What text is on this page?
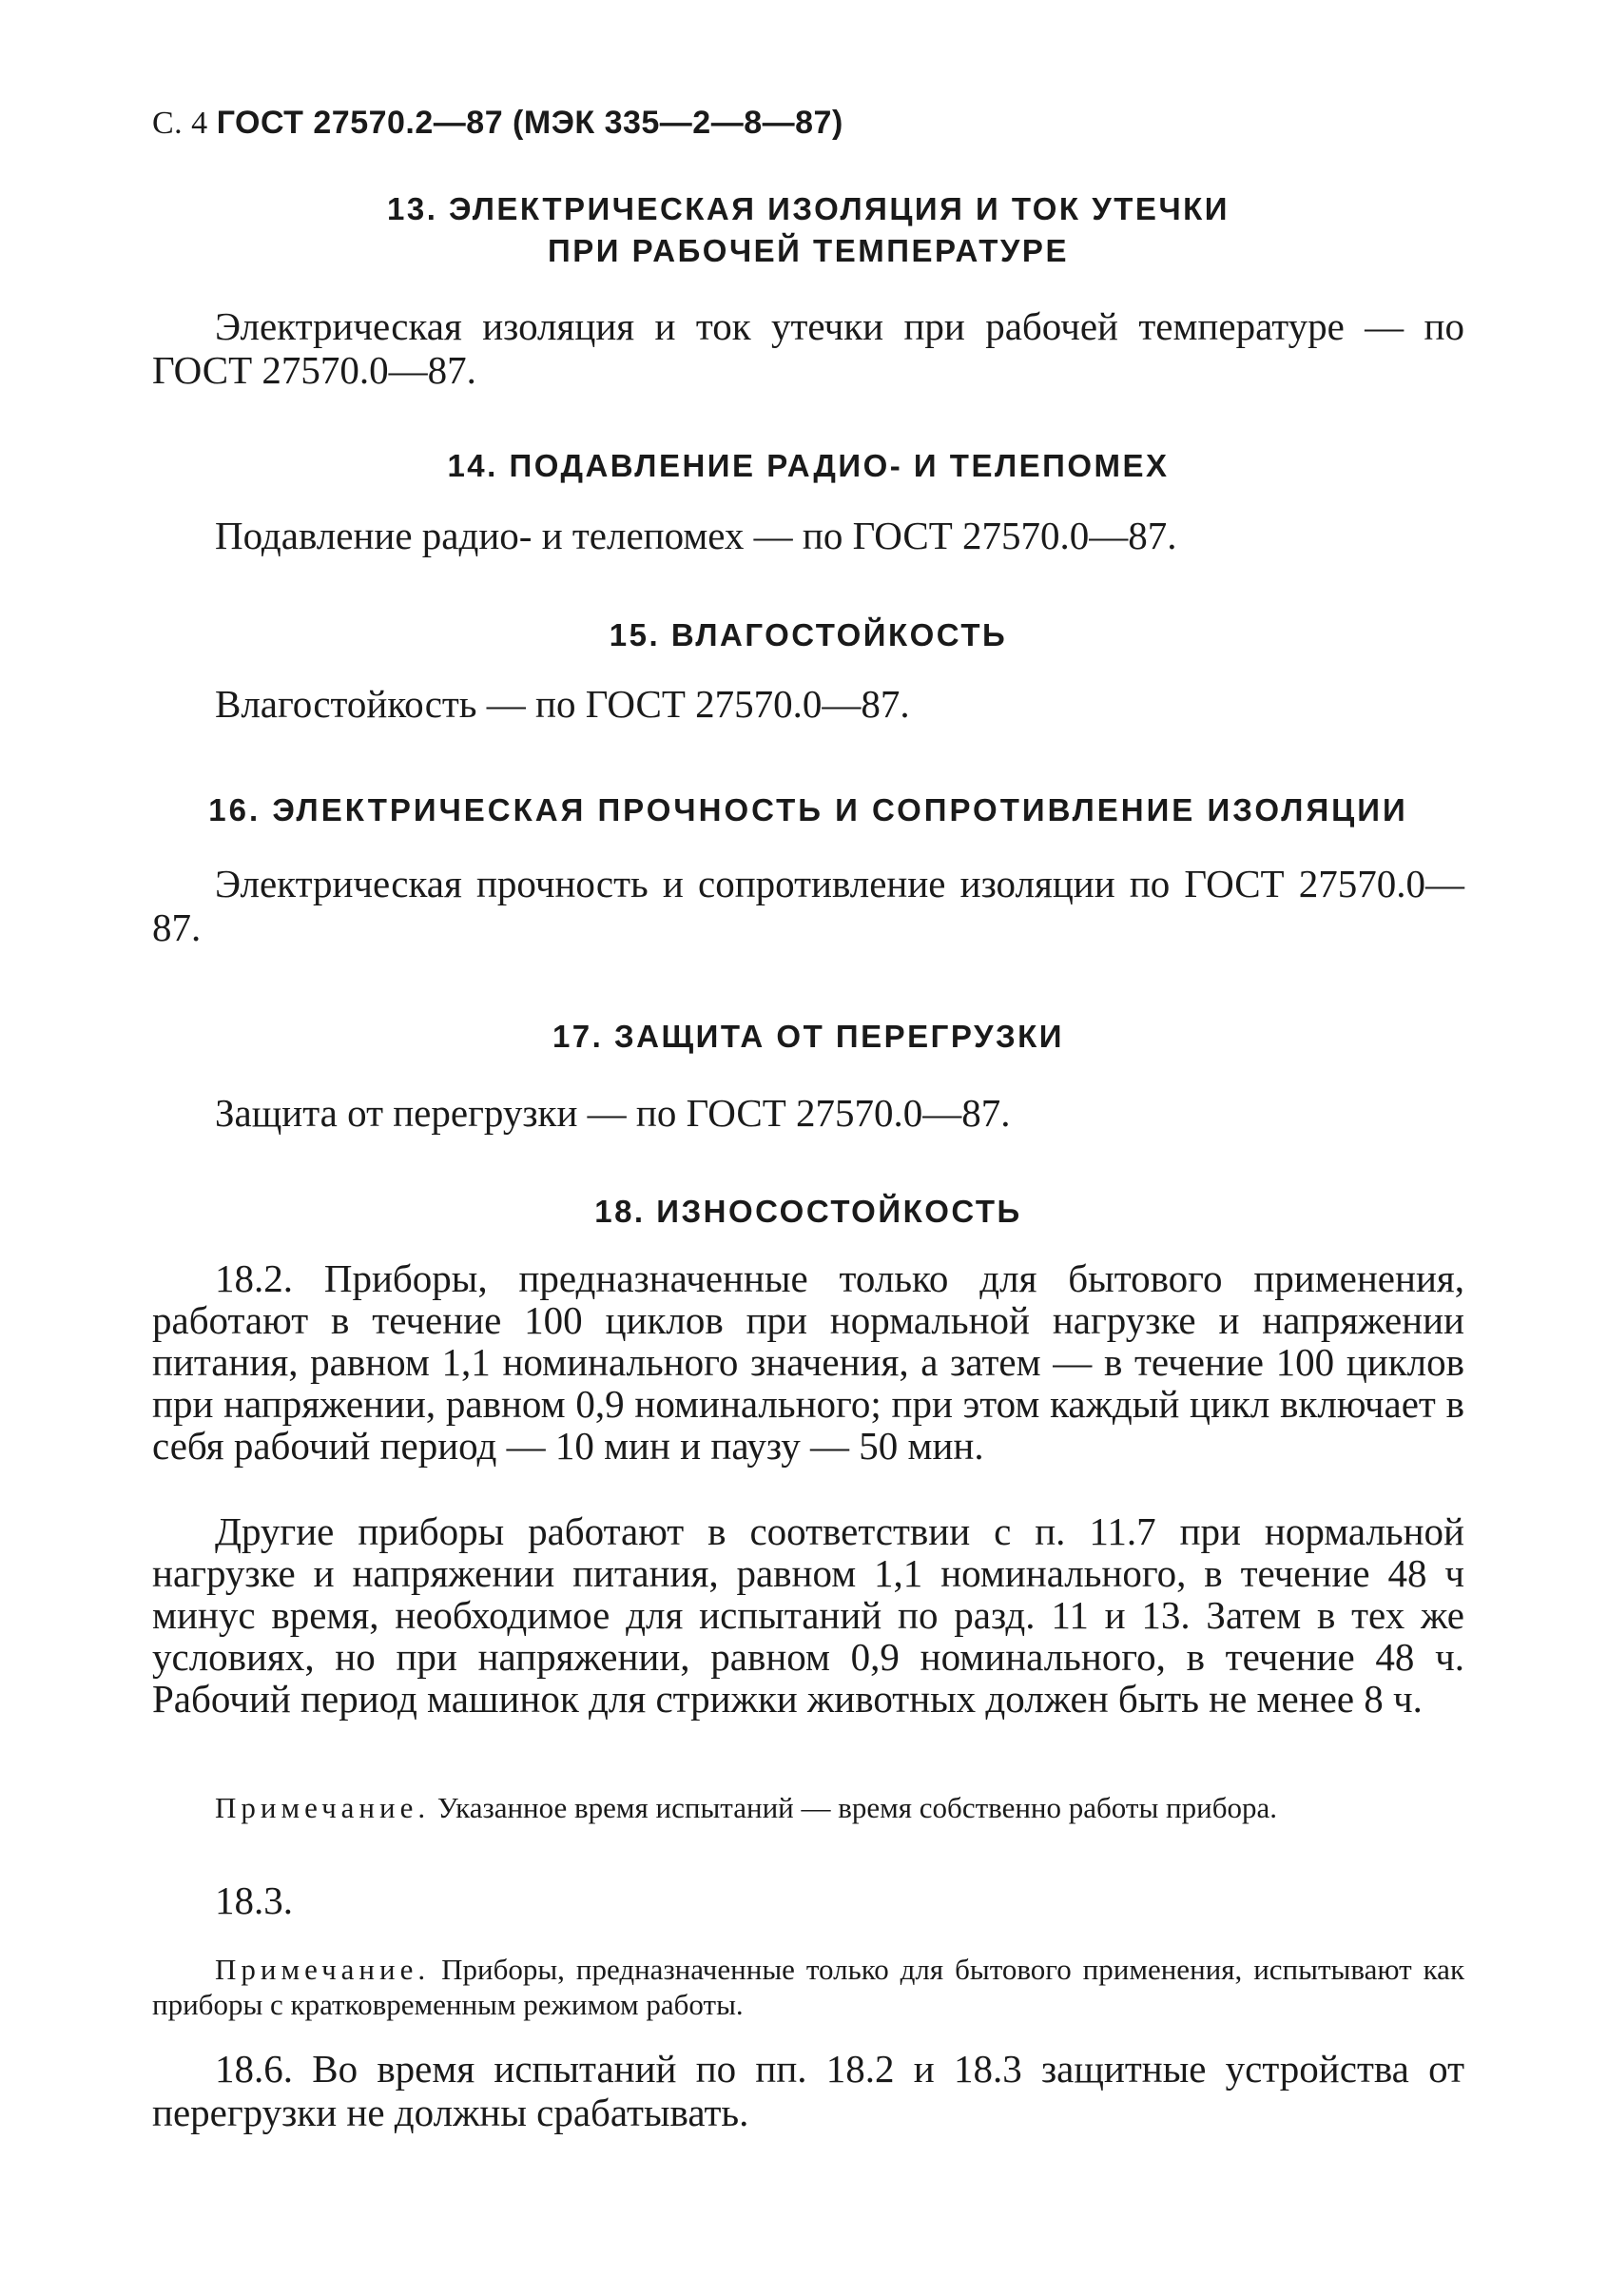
С. 4 ГОСТ 27570.2—87 (МЭК 335—2—8—87)
13. ЭЛЕКТРИЧЕСКАЯ ИЗОЛЯЦИЯ И ТОК УТЕЧКИ
ПРИ РАБОЧЕЙ ТЕМПЕРАТУРЕ
Электрическая изоляция и ток утечки при рабочей температуре — по ГОСТ 27570.0—87.
14. ПОДАВЛЕНИЕ РАДИО- И ТЕЛЕПОМЕХ
Подавление радио- и телепомех — по ГОСТ 27570.0—87.
15. ВЛАГОСТОЙКОСТЬ
Влагостойкость — по ГОСТ 27570.0—87.
16. ЭЛЕКТРИЧЕСКАЯ ПРОЧНОСТЬ И СОПРОТИВЛЕНИЕ ИЗОЛЯЦИИ
Электрическая прочность и сопротивление изоляции по ГОСТ 27570.0—87.
17. ЗАЩИТА ОТ ПЕРЕГРУЗКИ
Защита от перегрузки — по ГОСТ 27570.0—87.
18. ИЗНОСОСТОЙКОСТЬ
18.2. Приборы, предназначенные только для бытового применения, работают в течение 100 циклов при нормальной нагрузке и напряжении питания, равном 1,1 номинального значения, а затем — в течение 100 циклов при напряжении, равном 0,9 номинального; при этом каждый цикл включает в себя рабочий период — 10 мин и паузу — 50 мин.
Другие приборы работают в соответствии с п. 11.7 при нормальной нагрузке и напряжении питания, равном 1,1 номинального, в течение 48 ч минус время, необходимое для испытаний по разд. 11 и 13. Затем в тех же условиях, но при напряжении, равном 0,9 номинального, в течение 48 ч. Рабочий период машинок для стрижки животных должен быть не менее 8 ч.
Примечание. Указанное время испытаний — время собственно работы прибора.
18.3.
Примечание. Приборы, предназначенные только для бытового применения, испытывают как приборы с кратковременным режимом работы.
18.6. Во время испытаний по пп. 18.2 и 18.3 защитные устройства от перегрузки не должны срабатывать.
